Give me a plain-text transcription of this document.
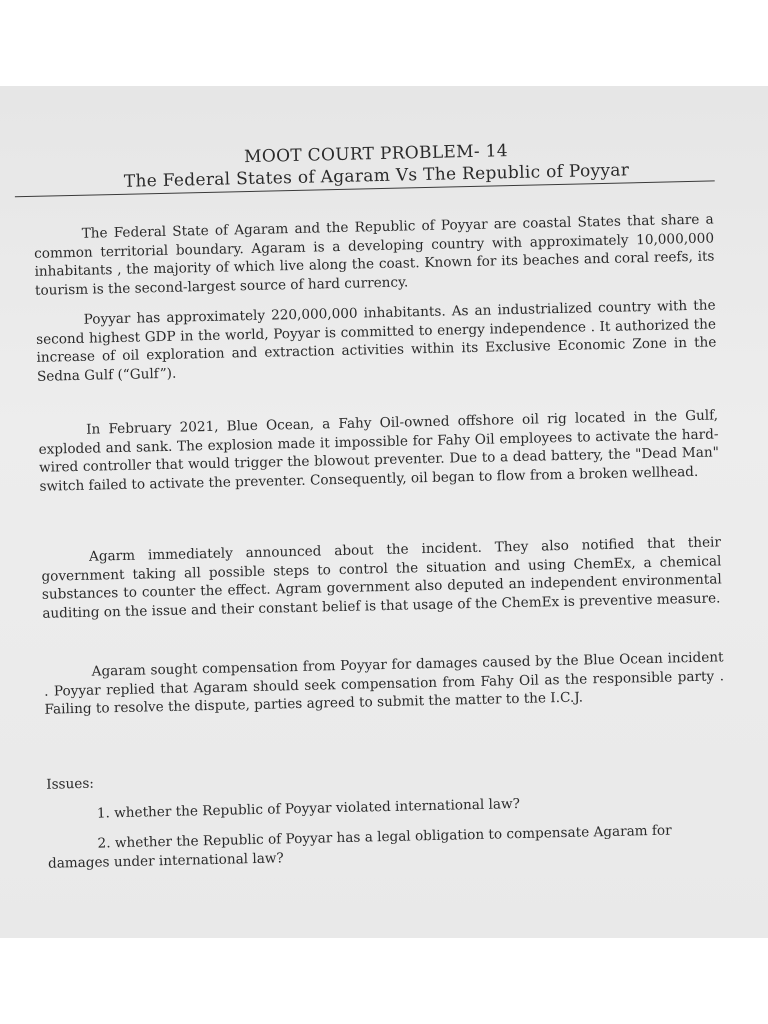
MOOT COURT PROBLEM- 14
The Federal States of Agaram Vs The Republic of Poyyar

The Federal State of Agaram and the Republic of Poyyar are coastal States that share a common territorial boundary. Agaram is a developing country with approximately 10,000,000 inhabitants , the majority of which live along the coast. Known for its beaches and coral reefs, its tourism is the second-largest source of hard currency.

Poyyar has approximately 220,000,000 inhabitants. As an industrialized country with the second highest GDP in the world, Poyyar is committed to energy independence . It authorized the increase of oil exploration and extraction activities within its Exclusive Economic Zone in the Sedna Gulf (“Gulf”).

In February 2021, Blue Ocean, a Fahy Oil-owned offshore oil rig located in the Gulf, exploded and sank. The explosion made it impossible for Fahy Oil employees to activate the hard-wired controller that would trigger the blowout preventer. Due to a dead battery, the "Dead Man" switch failed to activate the preventer. Consequently, oil began to flow from a broken wellhead.

Agarm immediately announced about the incident. They also notified that their government taking all possible steps to control the situation and using ChemEx, a chemical substances to counter the effect. Agram government also deputed an independent environmental auditing on the issue and their constant belief is that usage of the ChemEx is preventive measure.

Agaram sought compensation from Poyyar for damages caused by the Blue Ocean incident . Poyyar replied that Agaram should seek compensation from Fahy Oil as the responsible party . Failing to resolve the dispute, parties agreed to submit the matter to the I.C.J.

Issues:

1. whether the Republic of Poyyar violated international law?

2. whether the Republic of Poyyar has a legal obligation to compensate Agaram for damages under international law?
